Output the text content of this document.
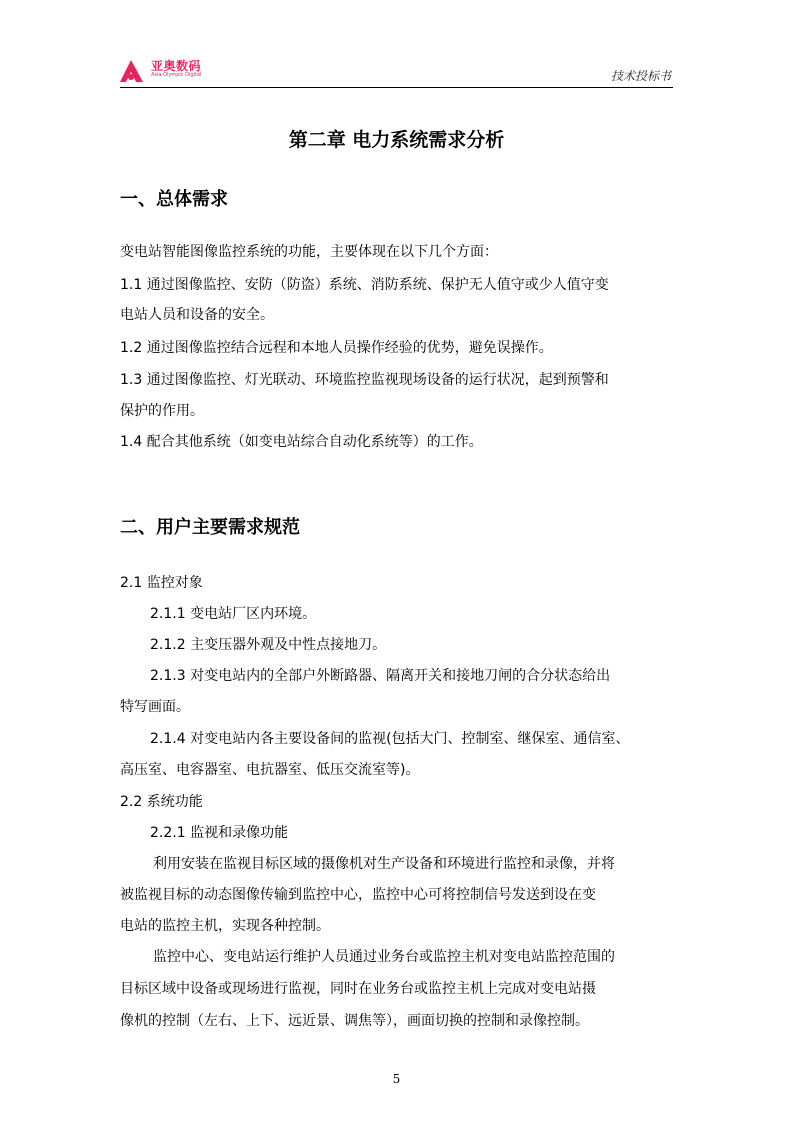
亚奥数码
Asia Olympic Digital	技术投标书
第二章 电力系统需求分析
一、总体需求
变电站智能图像监控系统的功能，主要体现在以下几个方面：
1.1 通过图像监控、安防（防盗）系统、消防系统、保护无人值守或少人值守变
电站人员和设备的安全。
1.2 通过图像监控结合远程和本地人员操作经验的优势，避免误操作。
1.3 通过图像监控、灯光联动、环境监控监视现场设备的运行状况，起到预警和
保护的作用。
1.4 配合其他系统（如变电站综合自动化系统等）的工作。
二、用户主要需求规范
2.1 监控对象
2.1.1 变电站厂区内环境。
2.1.2 主变压器外观及中性点接地刀。
2.1.3 对变电站内的全部户外断路器、隔离开关和接地刀闸的合分状态给出
特写画面。
2.1.4 对变电站内各主要设备间的监视(包括大门、控制室、继保室、通信室、
高压室、电容器室、电抗器室、低压交流室等)。
2.2 系统功能
2.2.1 监视和录像功能
利用安装在监视目标区域的摄像机对生产设备和环境进行监控和录像，并将
被监视目标的动态图像传输到监控中心，监控中心可将控制信号发送到设在变
电站的监控主机，实现各种控制。
监控中心、变电站运行维护人员通过业务台或监控主机对变电站监控范围的
目标区域中设备或现场进行监视，同时在业务台或监控主机上完成对变电站摄
像机的控制（左右、上下、远近景、调焦等），画面切换的控制和录像控制。
5
